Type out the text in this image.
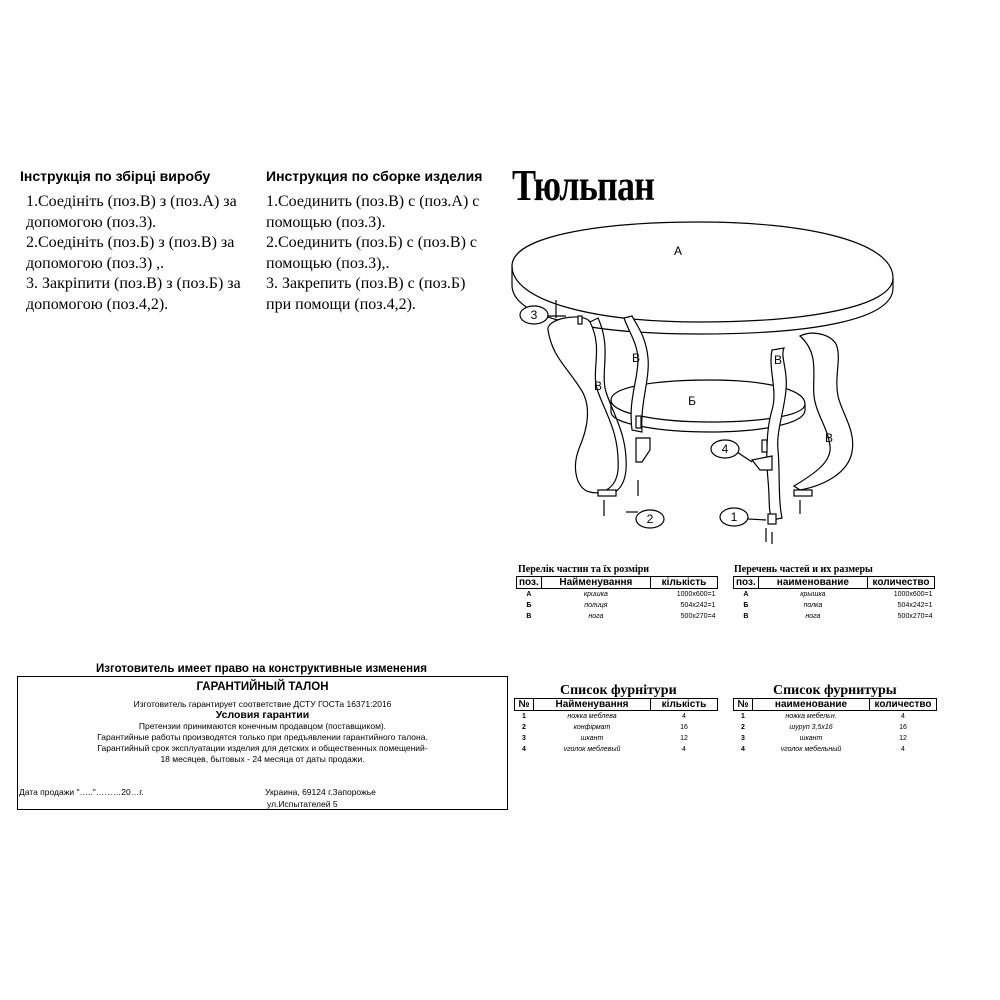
Інструкція по збірці виробу
1.Соедініть (поз.В) з (поз.А) за
допомогою (поз.3).
2.Соедініть (поз.Б) з (поз.В) за
допомогою (поз.3) ,.
3. Закріпити (поз.В) з (поз.Б) за
допомогою (поз.4,2).
Инструкция по сборке изделия
1.Соединить (поз.В) с (поз.А) с
помощью (поз.3).
2.Соединить (поз.Б) с (поз.В) с
помощью (поз.3),.
3. Закрепить (поз.В) с (поз.Б)
при помощи (поз.4,2).
Тюльпан
А
Б
В
В	В
В
3
2
4
1
Перелік частин та їх розміри
поз.	Найменування	кількість
А	кришка	1000х600=1
Б	полиця	504х242=1
В	нога	500х270=4
Перечень частей и их размеры
поз.	наименование	количество
А	крышка	1000х600=1
Б	полка	504х242=1
В	нога	500х270=4
Список фурнітури
№	Найменування	кількість
1	ножка меблева	4
2	конфірмат	16
3	шкант	12
4	vголок меблевый	4
Список фурнитуры
№	наименование	количество
1	ножка мебельн.	4
2	шуруп 3,5х16	16
3	шкант	12
4	vголок мебельный	4
Изготовитель имеет право на конструктивные изменения
ГАРАНТИЙНЫЙ ТАЛОН
Изготовитель гарантирует соответствие ДСТУ ГОСТа 16371:2016
Условия гарантии
Претензии принимаются конечным продавцом (поставщиком).
Гарантийные работы производятся только при предъявлении гарантийного талона.
Гарантийный срок эксплуатации изделия для детских и общественных помещений-
18 месяцев, бытовых - 24 месяца от даты продажи.
Дата продажи "….."………20…г.	Украина, 69124 г.Запорожье
ул.Испытателей 5
